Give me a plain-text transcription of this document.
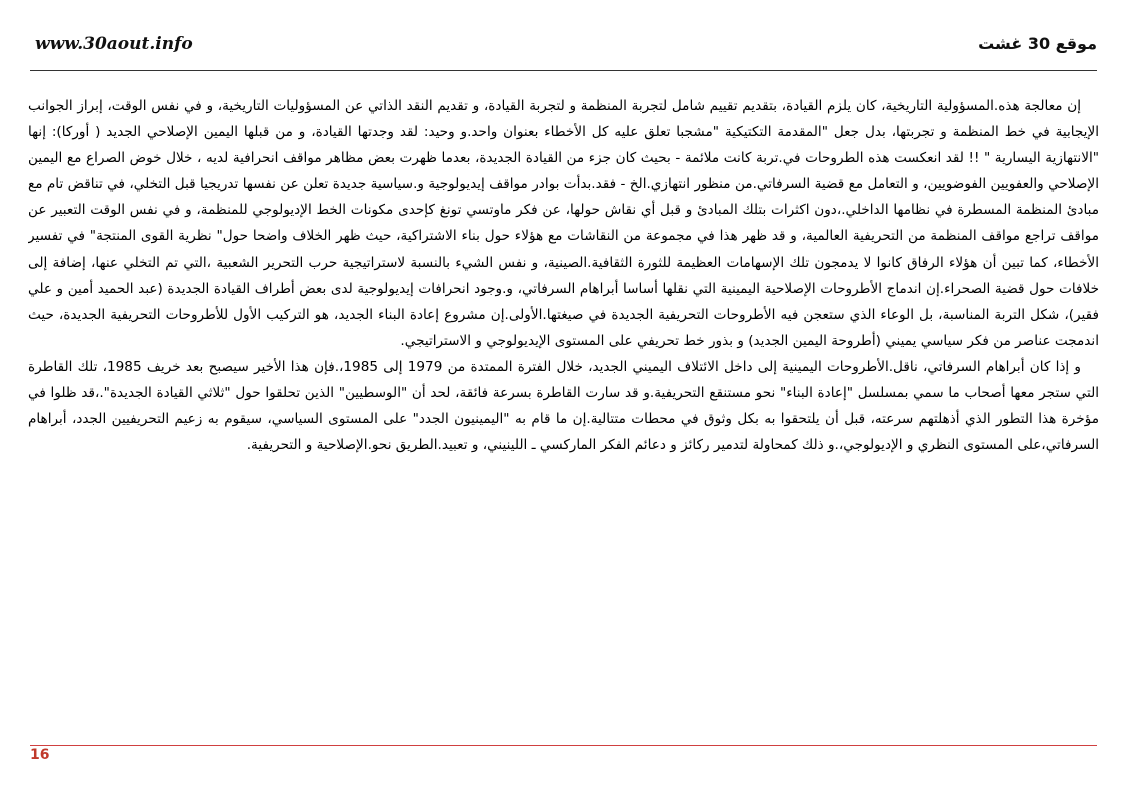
www.30aout.info	موقع 30 غشت

إن معالجة هذه.المسؤولية التاريخية، كان يلزم القيادة، بتقديم تقييم شامل لتجربة المنظمة و لتجربة القيادة، و تقديم النقد الذاتي عن المسؤوليات التاريخية، و في نفس الوقت، إبراز الجوانب الإيجابية في خط المنظمة و تجربتها، بدل جعل "المقدمة التكتيكية "مشجبا تعلق عليه كل الأخطاء بعنوان واحد.و وحيد: لقد وجدتها القيادة، و من قبلها اليمين الإصلاحي الجديد ( أوركا): إنها "الانتهازية اليسارية " !! لقد انعكست هذه الطروحات في.تربة كانت ملائمة - بحيث كان جزء من القيادة الجديدة، بعدما ظهرت بعض مظاهر مواقف انحرافية لديه ، خلال خوض الصراع مع اليمين الإصلاحي والعفويين الفوضويين، و التعامل مع قضية السرفاتي.من منظور انتهازي.الخ - فقد.بدأت بوادر مواقف إيديولوجية و.سياسية جديدة تعلن عن نفسها تدريجيا قبل التخلي، في تناقض تام مع مبادئ المنظمة المسطرة في نظامها الداخلي.،دون اكثرات بتلك المبادئ و قبل أي نقاش حولها، عن فكر ماوتسي تونغ كإحدى مكونات الخط الإديولوجي للمنظمة، و في نفس الوقت التعبير عن مواقف تراجع مواقف المنظمة من التحريفية العالمية، و قد ظهر هذا في مجموعة من النقاشات مع هؤلاء حول بناء الاشتراكية، حيث ظهر الخلاف واضحا حول" نظرية القوى المنتجة" في تفسير الأخطاء، كما تبين أن هؤلاء الرفاق كانوا لا يدمجون تلك الإسهامات العظيمة للثورة الثقافية.الصينية، و نفس الشيء بالنسبة لاستراتيجية حرب التحرير الشعبية ،التي تم التخلي عنها، إضافة إلى خلافات حول قضية الصحراء.إن اندماج الأطروحات الإصلاحية اليمينية التي نقلها أساسا أبراهام السرفاتي، و.وجود انحرافات إيديولوجية لدى بعض أطراف القيادة الجديدة (عبد الحميد أمين و علي فقير)، شكل التربة المناسبة، بل الوعاء الذي ستعجن فيه الأطروحات التحريفية الجديدة في صيغتها.الأولى.إن مشروع إعادة البناء الجديد، هو التركيب الأول للأطروحات التحريفية الجديدة، حيث اندمجت عناصر من فكر سياسي يميني (أطروحة اليمين الجديد) و بذور خط تحريفي على المستوى الإيديولوجي و الاستراتيجي.

و إذا كان أبراهام السرفاتي، ناقل.الأطروحات اليمينية إلى داخل الائتلاف اليميني الجديد، خلال الفترة الممتدة من 1979 إلى 1985،.فإن هذا الأخير سيصبح بعد خريف 1985، تلك القاطرة التي ستجر معها أصحاب ما سمي بمسلسل "إعادة البناء" نحو مستنقع التحريفية.و قد سارت القاطرة بسرعة فائقة، لحد أن "الوسطيين" الذين تحلقوا حول "ثلاثي القيادة الجديدة".،قد ظلوا في مؤخرة هذا التطور الذي أذهلتهم سرعته، قبل أن يلتحقوا به بكل وثوق في محطات متتالية.إن ما قام به "اليمينيون الجدد" على المستوى السياسي، سيقوم به زعيم التحريفيين الجدد، أبراهام السرفاتي،على المستوى النظري و الإديولوجي،.و ذلك كمحاولة لتدمير ركائز و دعائم الفكر الماركسي ـ اللينيني، و تعبيد.الطريق نحو.الإصلاحية و التحريفية.

16
